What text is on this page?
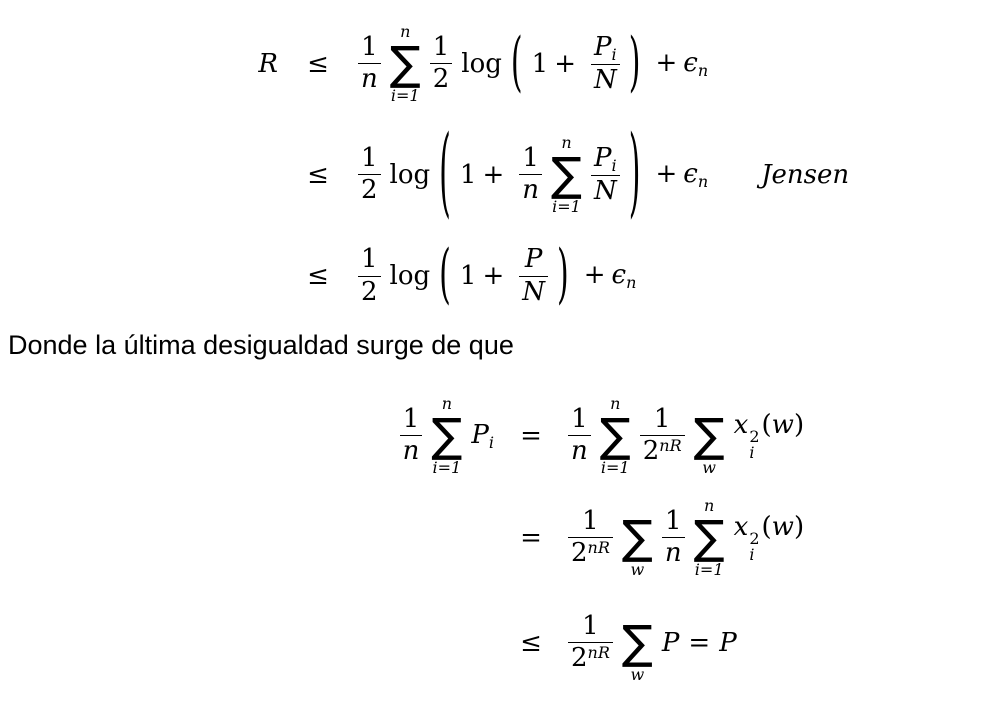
$R \le \frac{1}{n}$
n
∑
i=1
$\frac{1}{2}$ log ( $1 + \frac{P_i}{N}$ ) + $\epsilon_n$
≤ $\frac{1}{2}$ log ( $1 + \frac{1}{n}$
n
∑
$i=1 \frac{P_i}{N}$ ) + $\epsilon_n$ Jensen
≤ $\frac{1}{2}$ log ( $1 + \frac{P}{N}$ ) + $\epsilon_n$

Donde la última desigualdad surge de que

$\frac{1}{n}$
n
∑
i=1
$P_i = \frac{1}{n}$
n
∑
i=1
$\frac{1}{2^{nR}}$
∑
w
x 2
i
(w)
= $\frac{1}{2^{nR}}$
∑
w
$\frac{1}{n}$
n
∑
i=1
x 2
i
(w)
≤ $\frac{1}{2^{nR}}$
∑
w
P = P
